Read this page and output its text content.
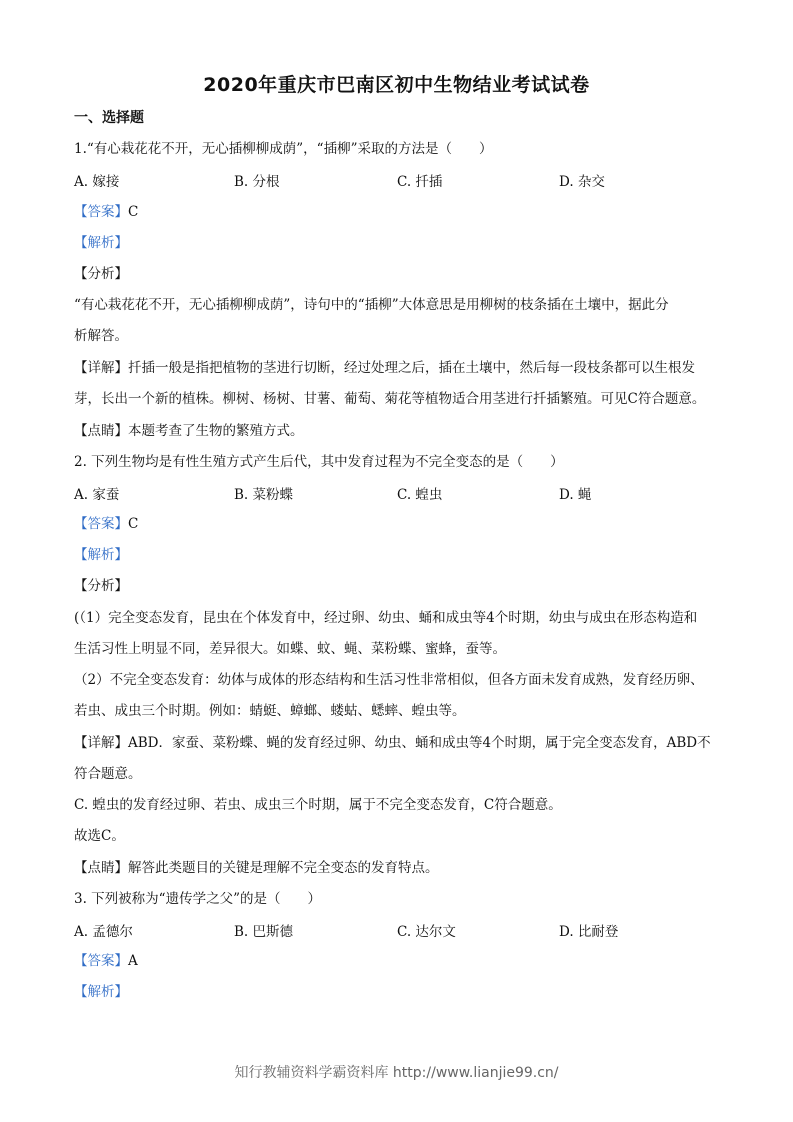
2020年重庆市巴南区初中生物结业考试试卷
一、选择题
1.“有心栽花花不开，无心插柳柳成荫”，“插柳”采取的方法是（　　）
A. 嫁接	B. 分根	C. 扦插	D. 杂交
【答案】C
【解析】
【分析】
“有心栽花花不开，无心插柳柳成荫”，诗句中的“插柳”大体意思是用柳树的枝条插在土壤中，据此分
析解答。
【详解】扦插一般是指把植物的茎进行切断，经过处理之后，插在土壤中，然后每一段枝条都可以生根发
芽，长出一个新的植株。柳树、杨树、甘薯、葡萄、菊花等植物适合用茎进行扦插繁殖。可见C符合题意。
【点睛】本题考查了生物的繁殖方式。
2. 下列生物均是有性生殖方式产生后代，其中发育过程为不完全变态的是（　　）
A. 家蚕	B. 菜粉蝶	C. 蝗虫	D. 蝇
【答案】C
【解析】
【分析】
(（1）完全变态发育，昆虫在个体发育中，经过卵、幼虫、蛹和成虫等4个时期，幼虫与成虫在形态构造和
生活习性上明显不同，差异很大。如蝶、蚊、蝇、菜粉蝶、蜜蜂，蚕等。
（2）不完全变态发育：幼体与成体的形态结构和生活习性非常相似，但各方面未发育成熟，发育经历卵、
若虫、成虫三个时期。例如：蜻蜓、蟑螂、蝼蛄、蟋蟀、蝗虫等。
【详解】ABD．家蚕、菜粉蝶、蝇的发育经过卵、幼虫、蛹和成虫等4个时期，属于完全变态发育，ABD不
符合题意。
C. 蝗虫的发育经过卵、若虫、成虫三个时期，属于不完全变态发育，C符合题意。
故选C。
【点睛】解答此类题目的关键是理解不完全变态的发育特点。
3. 下列被称为“遗传学之父”的是（　　）
A. 孟德尔	B. 巴斯德	C. 达尔文	D. 比耐登
【答案】A
【解析】
知行教辅资料学霸资料库 http://www.lianjie99.cn/
